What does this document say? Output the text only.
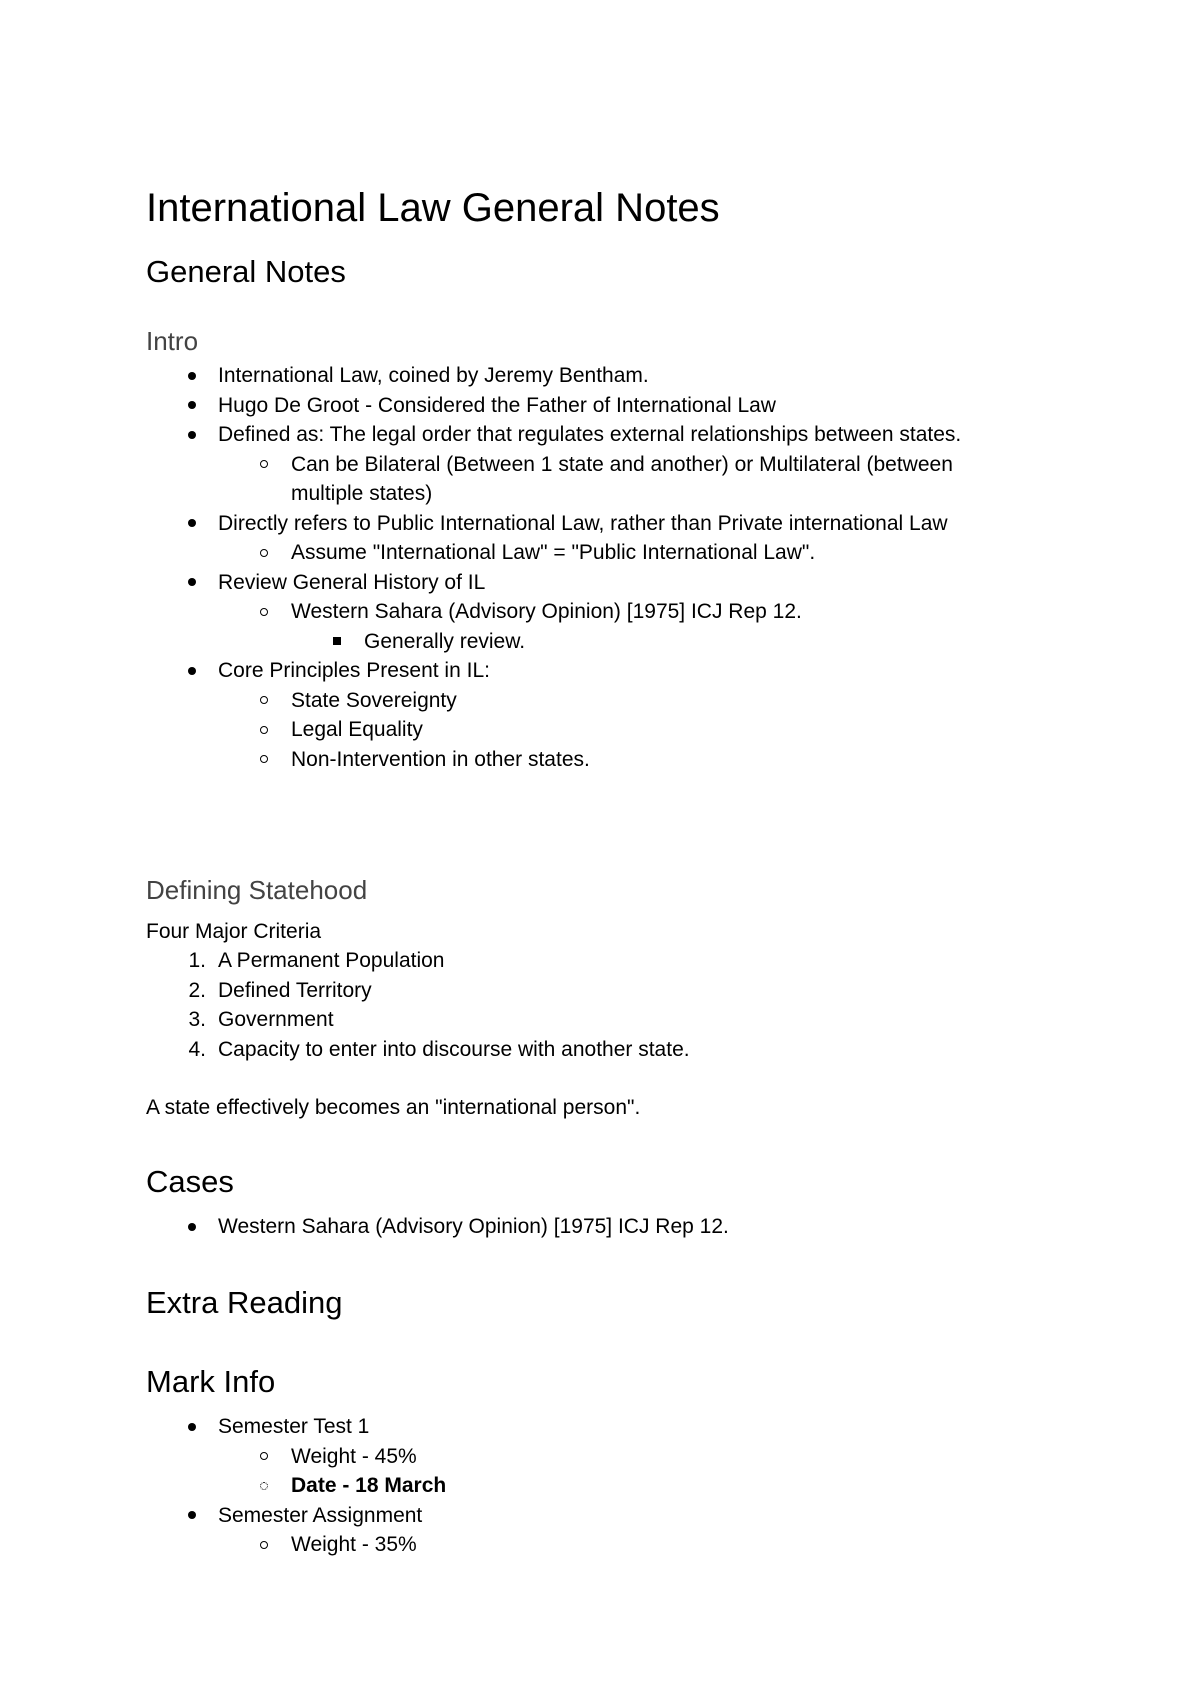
International Law General Notes
General Notes
Intro
International Law, coined by Jeremy Bentham.
Hugo De Groot - Considered the Father of International Law
Defined as: The legal order that regulates external relationships between states.
Can be Bilateral (Between 1 state and another) or Multilateral (between
multiple states)
Directly refers to Public International Law, rather than Private international Law
Assume "International Law" = "Public International Law".
Review General History of IL
Western Sahara (Advisory Opinion) [1975] ICJ Rep 12.
Generally review.
Core Principles Present in IL:
State Sovereignty
Legal Equality
Non-Intervention in other states.
Defining Statehood
Four Major Criteria
1. A Permanent Population
2. Defined Territory
3. Government
4. Capacity to enter into discourse with another state.
A state effectively becomes an "international person".
Cases
Western Sahara (Advisory Opinion) [1975] ICJ Rep 12.
Extra Reading
Mark Info
Semester Test 1
Weight - 45%
Date - 18 March
Semester Assignment
Weight - 35%
